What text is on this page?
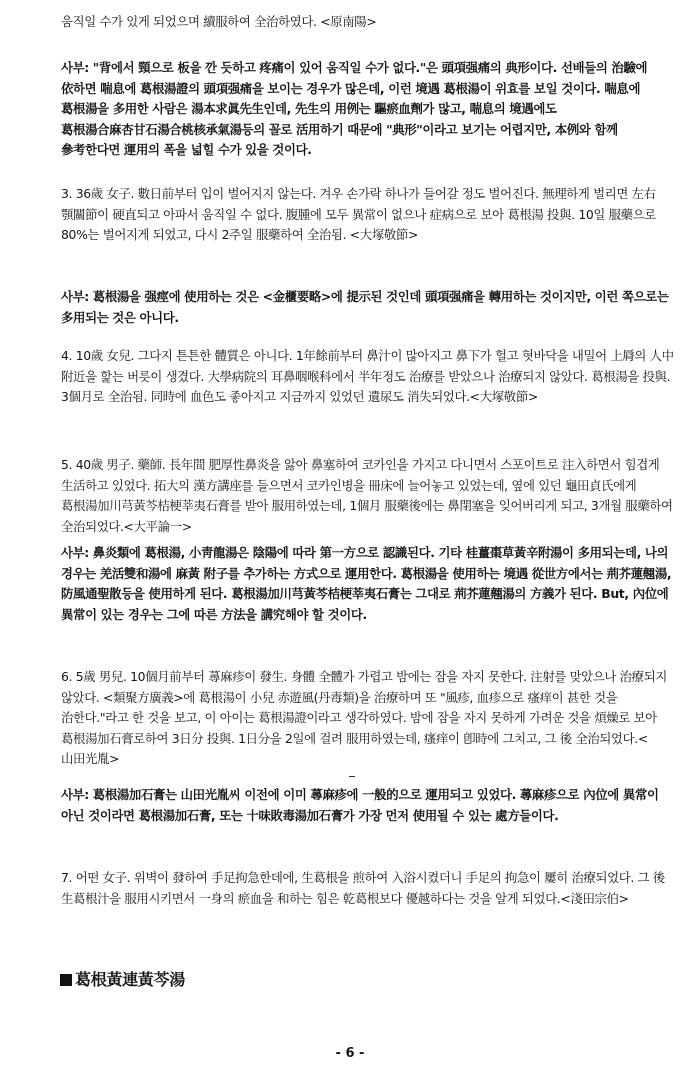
움직일 수가 있게 되었으며 續服하여 全治하였다. <原南陽>
사부: "背에서 頸으로 板을 깐 듯하고 疼痛이 있어 움직일 수가 없다."은 頭項强痛의 典形이다. 선배들의 治驗에 依하면 喘息에 葛根湯證의 頭項强痛을 보이는 경우가 많은데, 이런 境遇 葛根湯이 위효를 보일 것이다. 喘息에 葛根湯을 多用한 사람은 湯本求眞先生인데, 先生의 用例는 驅瘀血劑가 많고, 喘息의 境遇에도 葛根湯合麻杏甘石湯合桃核承氣湯등의 꼴로 活用하기 때문에 "典形"이라고 보기는 어렵지만, 本例와 함께 參考한다면 運用의 폭을 넓힐 수가 있을 것이다.
3. 36歲 女子. 數日前부터 입이 벌어지지 않는다. 겨우 손가락 하나가 들어갈 정도 벌어진다. 無理하게 벌리면 左右 顎關節이 硬直되고 아파서 움직일 수 없다. 腹腫에 모두 異常이 없으나 症病으로 보아 葛根湯 投與. 10일 服藥으로 80%는 벌어지게 되었고, 다시 2주일 服藥하여 全治됨. <大塚敬節>
사부: 葛根湯을 强痙에 使用하는 것은 <金櫃要略>에 提示된 것인데 頭項强痛을 轉用하는 것이지만, 이런 쪽으로는 多用되는 것은 아니다.
4. 10歲 女兒. 그다지 튼튼한 體質은 아니다. 1年餘前부터 鼻汁이 많아지고 鼻下가 헐고 혓바닥을 내밀어 上脣의 人中 附近을 핥는 버릇이 생겼다. 大學病院의 耳鼻咽喉科에서 半年정도 治療를 받았으나 治療되지 않았다. 葛根湯을 投與. 3個月로 全治됨. 同時에 血色도 좋아지고 지금까지 있었던 遺尿도 消失되었다.<大塚敬節>
5. 40歲 男子. 藥師. 長年間 肥厚性鼻炎을 앓아 鼻塞하여 코카인을 가지고 다니면서 스포이트로 注入하면서 힘겹게 生活하고 있었다. 拓大의 漢方講座를 들으면서 코카인병을 冊床에 늘어놓고 있었는데, 옆에 있던 龜田貞氏에게 葛根湯加川芎黃芩桔梗莘夷石膏를 받아 服用하였는데, 1個月 服藥後에는 鼻閉塞을 잊어버리게 되고, 3개월 服藥하여 全治되었다.<大平論一>
사부: 鼻炎類에 葛根湯, 小靑龍湯은 陰陽에 따라 第一方으로 認識된다. 기타 桂薑棗草黃辛附湯이 多用되는데, 나의 경우는 羌活雙和湯에 麻黃 附子를 추가하는 方式으로 運用한다. 葛根湯을 使用하는 境遇 從世方에서는 荊芥蓮翹湯, 防風通聖散등을 使用하게 된다. 葛根湯加川芎黃芩桔梗莘夷石膏는 그대로 荊芥蓮翹湯의 方義가 된다. But, 內位에 異常이 있는 경우는 그에 따른 方法을 講究해야 할 것이다.
6. 5歲 男兒. 10個月前부터 蕁麻疹이 發生. 身體 全體가 가렵고 밤에는 잠을 자지 못한다. 注射를 맞았으나 治療되지 않았다. <類聚方廣義>에 葛根湯이 小兒 赤遊風(丹毒類)을 治療하며 또 "風疹, 血疹으로 瘙痒이 甚한 것을 治한다."라고 한 것을 보고, 이 아이는 葛根湯證이라고 생각하였다. 밤에 잠을 자지 못하게 가려운 것을 煩燥로 보아 葛根湯加石膏로하여 3日分 投與. 1日分을 2일에 걸려 服用하였는데, 瘙痒이 卽時에 그치고, 그 後 全治되었다.<山田光胤>
사부: 葛根湯加石膏는 山田光胤씨 이전에 이미 蕁麻疹에 一般的으로 運用되고 있었다. 蕁麻疹으로 內位에 異常이 아닌 것이라면 葛根湯加石膏, 또는 十味敗毒湯加石膏가 가장 먼저 使用될 수 있는 處方들이다.
7. 어떤 女子. 위벽이 發하여 手足拘急한데에, 生葛根을 煎하여 入浴시켰더니 手足의 拘急이 屢히 治療되었다. 그 後 生葛根汁을 服用시키면서 一身의 瘀血을 和하는 힘은 乾葛根보다 優越하다는 것을 알게 되었다.<淺田宗伯>
葛根黃連黃芩湯
- 6 -
